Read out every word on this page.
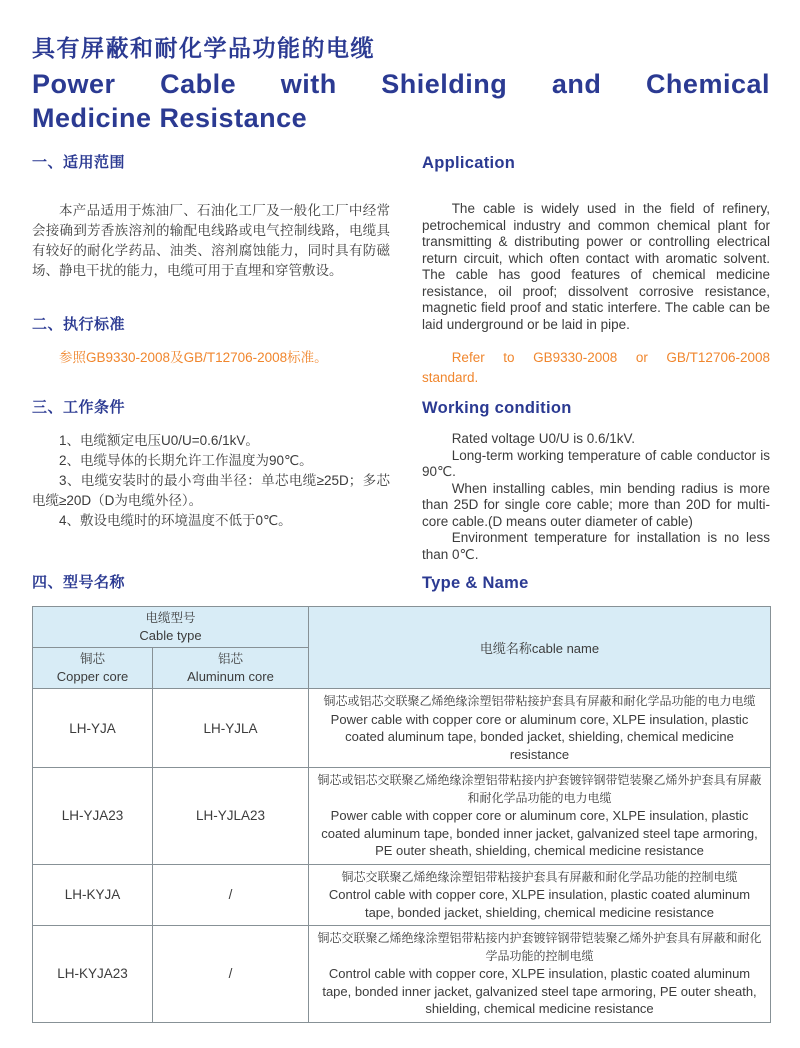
具有屏蔽和耐化学品功能的电缆
Power Cable with Shielding and Chemical
Medicine Resistance
一、适用范围	Application

本产品适用于炼油厂、石油化工厂及一般化工厂中经常会接确到芳香族溶剂的输配电线路或电气控制线路，电缆具有较好的耐化学药品、油类、溶剂腐蚀能力，同时具有防磁场、静电干扰的能力，电缆可用于直埋和穿管敷设。

二、执行标准

The cable is widely used in the field of refinery, petrochemical industry and common chemical plant for transmitting & distributing power or controlling electrical return circuit, which often contact with aromatic solvent. The cable has good features of chemical medicine resistance, oil proof; dissolvent corrosive resistance, magnetic field proof and static interfere. The cable can be laid underground or be laid in pipe.

参照GB9330-2008及GB/T12706-2008标准。	Refer to GB9330-2008 or GB/T12706-2008 standard.

三、工作条件	Working condition

1、电缆额定电压U0/U=0.6/1kV。

2、电缆导体的长期允许工作温度为90℃。

3、电缆安装时的最小弯曲半径：单芯电缆≥25D；多芯电缆≥20D（D为电缆外径）。

4、敷设电缆时的环境温度不低于0℃。

Rated voltage U0/U is 0.6/1kV.

Long-term working temperature of cable conductor is 90℃.

When installing cables, min bending radius is more than 25D for single core cable; more than 20D for multi-core cable.(D means outer diameter of cable)

Environment temperature for installation is no less than 0℃.

四、型号名称	Type & Name
电缆型号
Cable type		电缆名称cable name

铜芯
Copper core

铝芯
Aluminum core

LH-YJA	LH-YJLA	铜芯或铝芯交联聚乙烯绝缘涂塑铝带粘接护套具有屏蔽和耐化学品功能的电力电缆
Power cable with copper core or aluminum core, XLPE insulation, plastic coated aluminum tape, bonded jacket, shielding, chemical medicine resistance

LH-YJA23	LH-YJLA23	铜芯或铝芯交联聚乙烯绝缘涂塑铝带粘接内护套镀锌钢带铠装聚乙烯外护套具有屏蔽和耐化学品功能的电力电缆
Power cable with copper core or aluminum core, XLPE insulation, plastic coated aluminum tape, bonded inner jacket, galvanized steel tape armoring, PE outer sheath, shielding, chemical medicine resistance

LH-KYJA	/	铜芯交联聚乙烯绝缘涂塑铝带粘接护套具有屏蔽和耐化学品功能的控制电缆
Control cable with copper core, XLPE insulation, plastic coated aluminum tape, bonded jacket, shielding, chemical medicine resistance

LH-KYJA23	/	铜芯交联聚乙烯绝缘涂塑铝带粘接内护套镀锌钢带铠装聚乙烯外护套具有屏蔽和耐化学品功能的控制电缆
Control cable with copper core, XLPE insulation, plastic coated aluminum tape, bonded inner jacket, galvanized steel tape armoring, PE outer sheath, shielding, chemical medicine resistance
